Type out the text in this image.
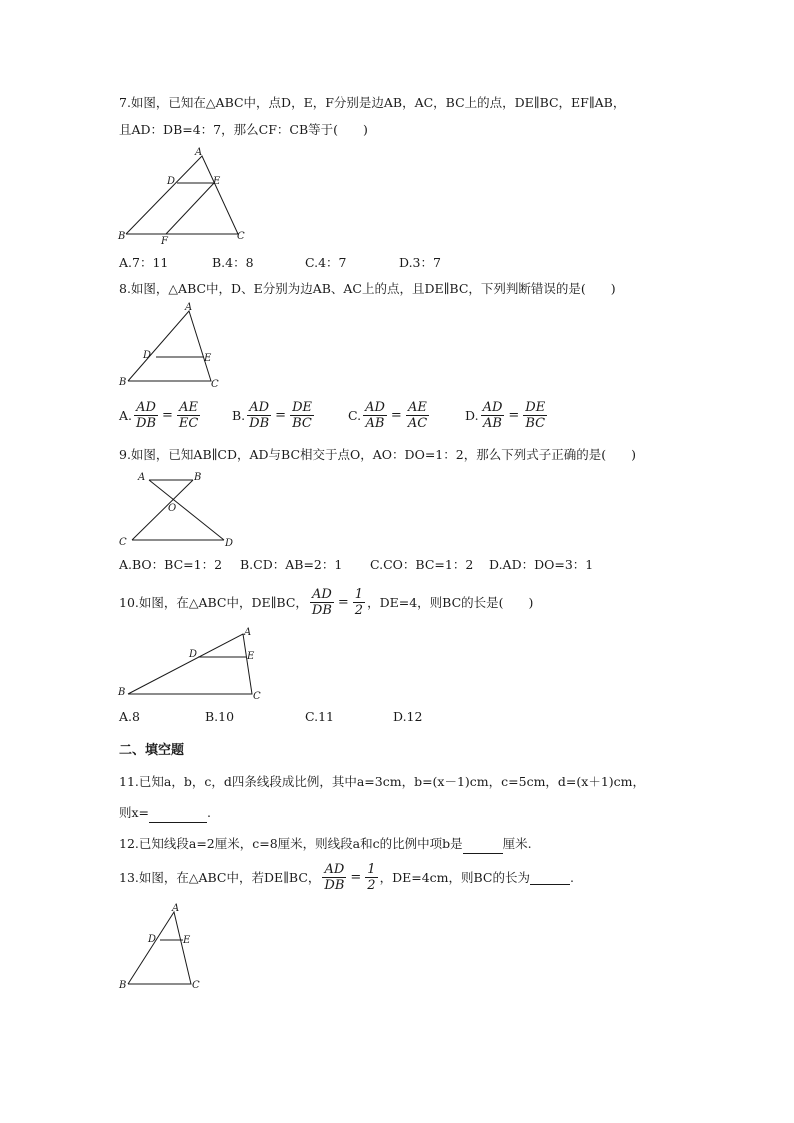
7.如图，已知在△ABC中，点D，E，F分别是边AB，AC，BC上的点，DE∥BC，EF∥AB，
且AD：DB=4：7，那么CF：CB等于(　　)
A
D	E
B	F	C
A.7：11	B.4：8	C.4：7	D.3：7
8.如图，△ABC中，D、E分别为边AB、AC上的点，且DE∥BC，下列判断错误的是(　　)
A
D	E
B	C
A. $\frac{AD}{DB} = \frac{AE}{EC}$	B. $\frac{AD}{DB} = \frac{DE}{BC}$	C. $\frac{AD}{AB} = \frac{AE}{AC}$	D. $\frac{AD}{AB} = \frac{DE}{BC}$
9.如图，已知AB∥CD，AD与BC相交于点O，AO：DO=1：2，那么下列式子正确的是(　　)
A	B
O
C	D
A.BO：BC=1：2 B.CD：AB=2：1 C.CO：BC=1：2 D.AD：DO=3：1
10.如图，在△ABC中，DE∥BC， $\frac{AD}{DB} = \frac{1}{2}$ ，DE=4，则BC的长是(　　)
A
D	E
B	C
A.8	B.10	C.11	D.12
二、填空题
11.已知a，b，c，d四条线段成比例，其中a=3cm，b=(x－1)cm，c=5cm，d=(x＋1)cm，
则x=	.
12.已知线段a=2厘米，c=8厘米，则线段a和c的比例中项b是	厘米.
13.如图，在△ABC中，若DE∥BC， $\frac{AD}{DB} = \frac{1}{2}$ ，DE=4cm，则BC的长为
	.
A
D	E
B	C
